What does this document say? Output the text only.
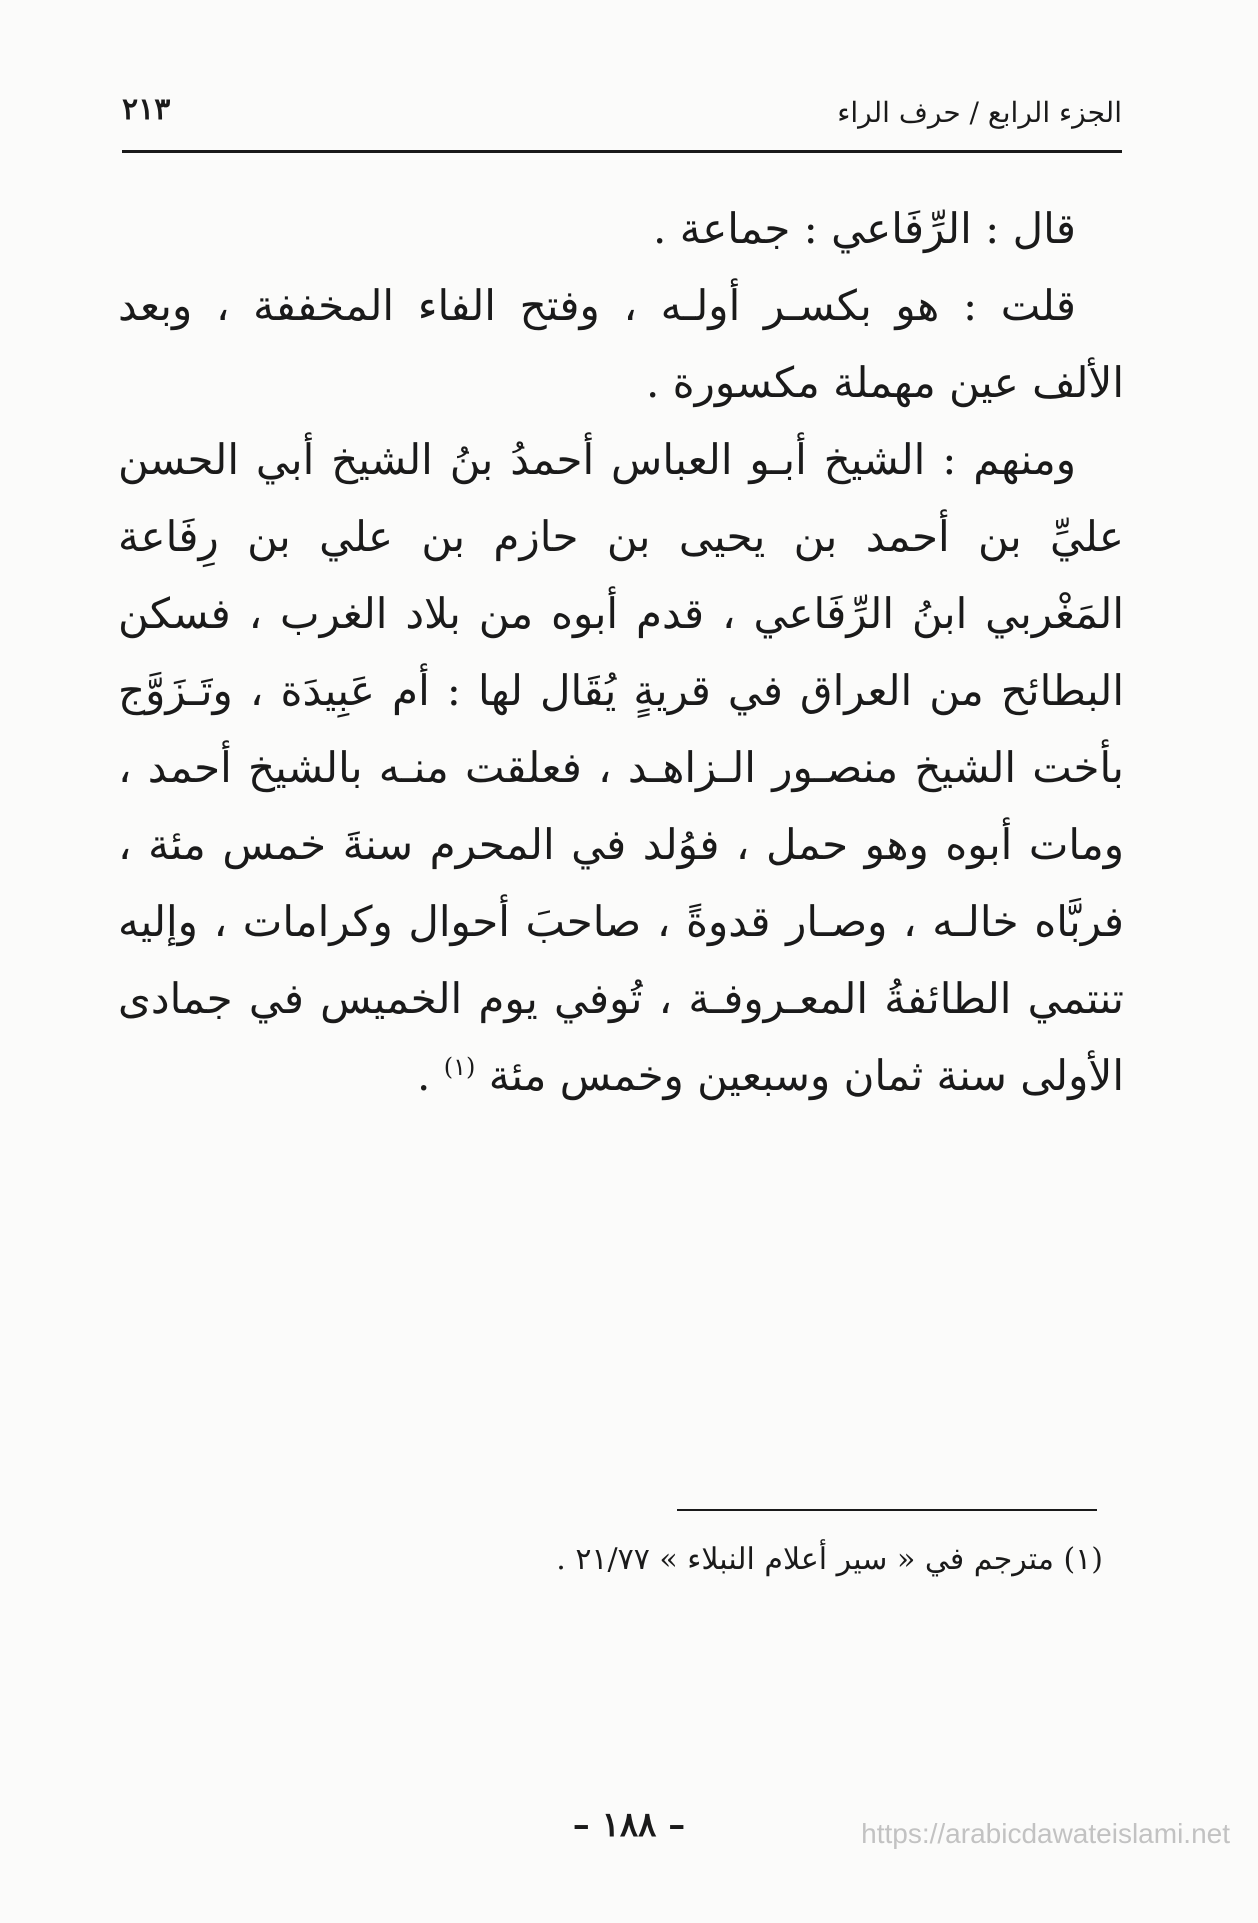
الجزء الرابع / حرف الراء
٢١٣

قال : الرِّفَاعي : جماعة .

قلت : هو بكسـر أولـه ، وفتح الفاء المخففة ، وبعد الألف عين مهملة مكسورة .

ومنهم : الشيخ أبـو العباس أحمدُ بنُ الشيخ أبي الحسن عليِّ بن أحمد بن يحيى بن حازم بن علي بن رِفَاعة المَغْربي ابنُ الرِّفَاعي ، قدم أبوه من بلاد الغرب ، فسكن البطائح من العراق في قريةٍ يُقَال لها : أم عَبِيدَة ، وتَـزَوَّج بأخت الشيخ منصـور الـزاهـد ، فعلقت منـه بالشيخ أحمد ، ومات أبوه وهو حمل ، فوُلد في المحرم سنةَ خمس مئة ، فربَّاه خالـه ، وصـار قدوةً ، صاحبَ أحوال وكرامات ، وإليه تنتمي الطائفةُ المعـروفـة ، تُوفي يوم الخميس في جمادى الأولى سنة ثمان وسبعين وخمس مئة $^{(١)}$ .

(١) مترجم في « سير أعلام النبلاء » ٢١/٧٧ .
– ١٨٨ –	https://arabicdawateislami.net
